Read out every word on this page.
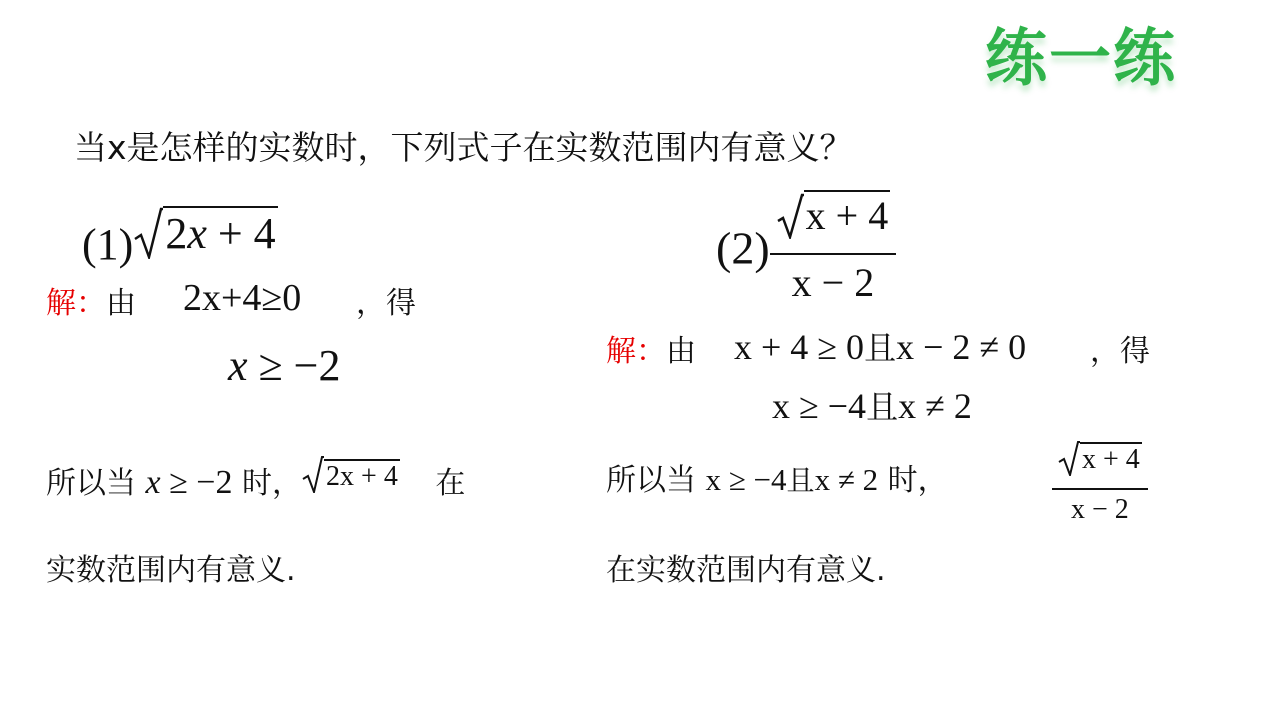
练一练
当x是怎样的实数时，下列式子在实数范围内有意义？
(1) 2x + 4
解：由 2x+4≥0 ，得
x ≥ −2
所以当 x ≥ −2 时， 2x + 4 在
实数范围内有意义.
$(2) \frac{x + 4}{x - 2}$
解：由 x + 4 ≥ 0且x − 2 ≠ 0 ，得
x ≥ −4且x ≠ 2
所以当 x ≥ −4且x ≠ 2 时，	$\frac{x + 4}{x - 2}$
在实数范围内有意义.
